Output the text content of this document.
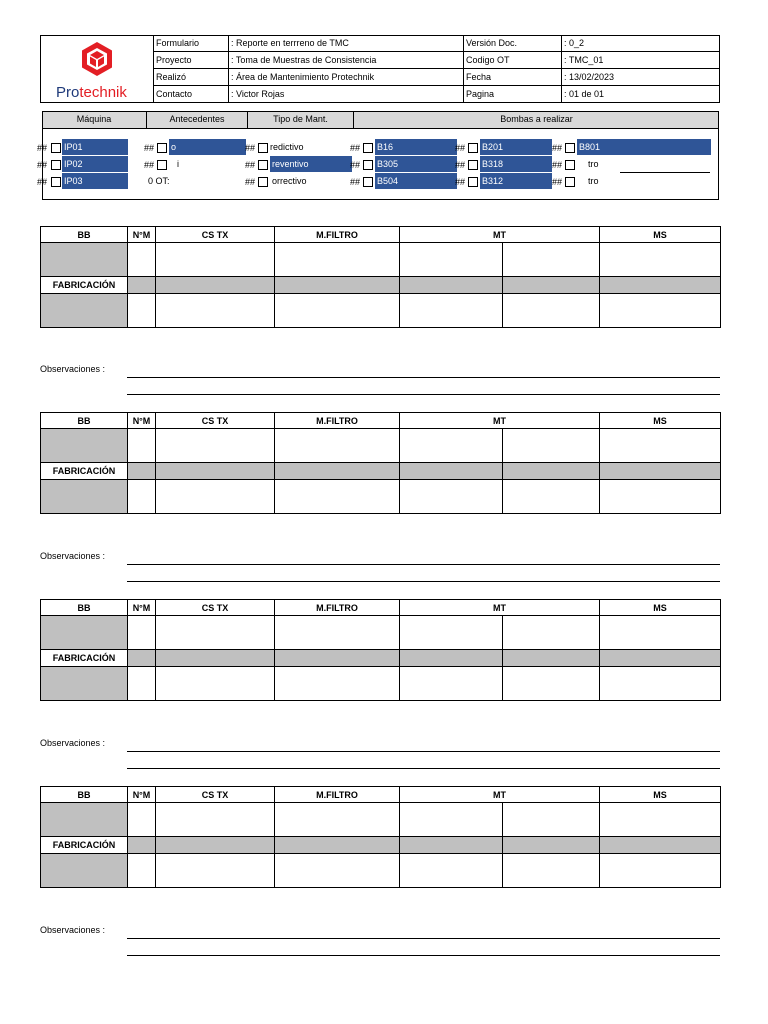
Protechnik
Formulario	: Reporte en terrreno de TMC	Versión Doc.	: 0_2
Proyecto	: Toma de Muestras de Consistencia	Codigo OT	: TMC_01
Realizó	: Área de Mantenimiento Protechnik	Fecha	: 13/02/2023
Contacto	: Victor Rojas	Pagina	: 01 de 01
Máquina	Antecedentes	Tipo de Mant.	Bombas a realizar
## IP01	## o	## redictivo	## B16	## B201	## B801
## IP02	##	i	## reventivo	## B305	## B318	##	tro
## IP03	0 OT:	## orrectivo	## B504	## B312	##	tro
BB	N°M	CS TX	M.FILTRO	MT		MS

FABRICACIÓN						

Observaciones :
BB	N°M	CS TX	M.FILTRO	MT		MS

FABRICACIÓN						

Observaciones :
BB	N°M	CS TX	M.FILTRO	MT		MS

FABRICACIÓN						

Observaciones :
BB	N°M	CS TX	M.FILTRO	MT		MS

FABRICACIÓN						

Observaciones :
